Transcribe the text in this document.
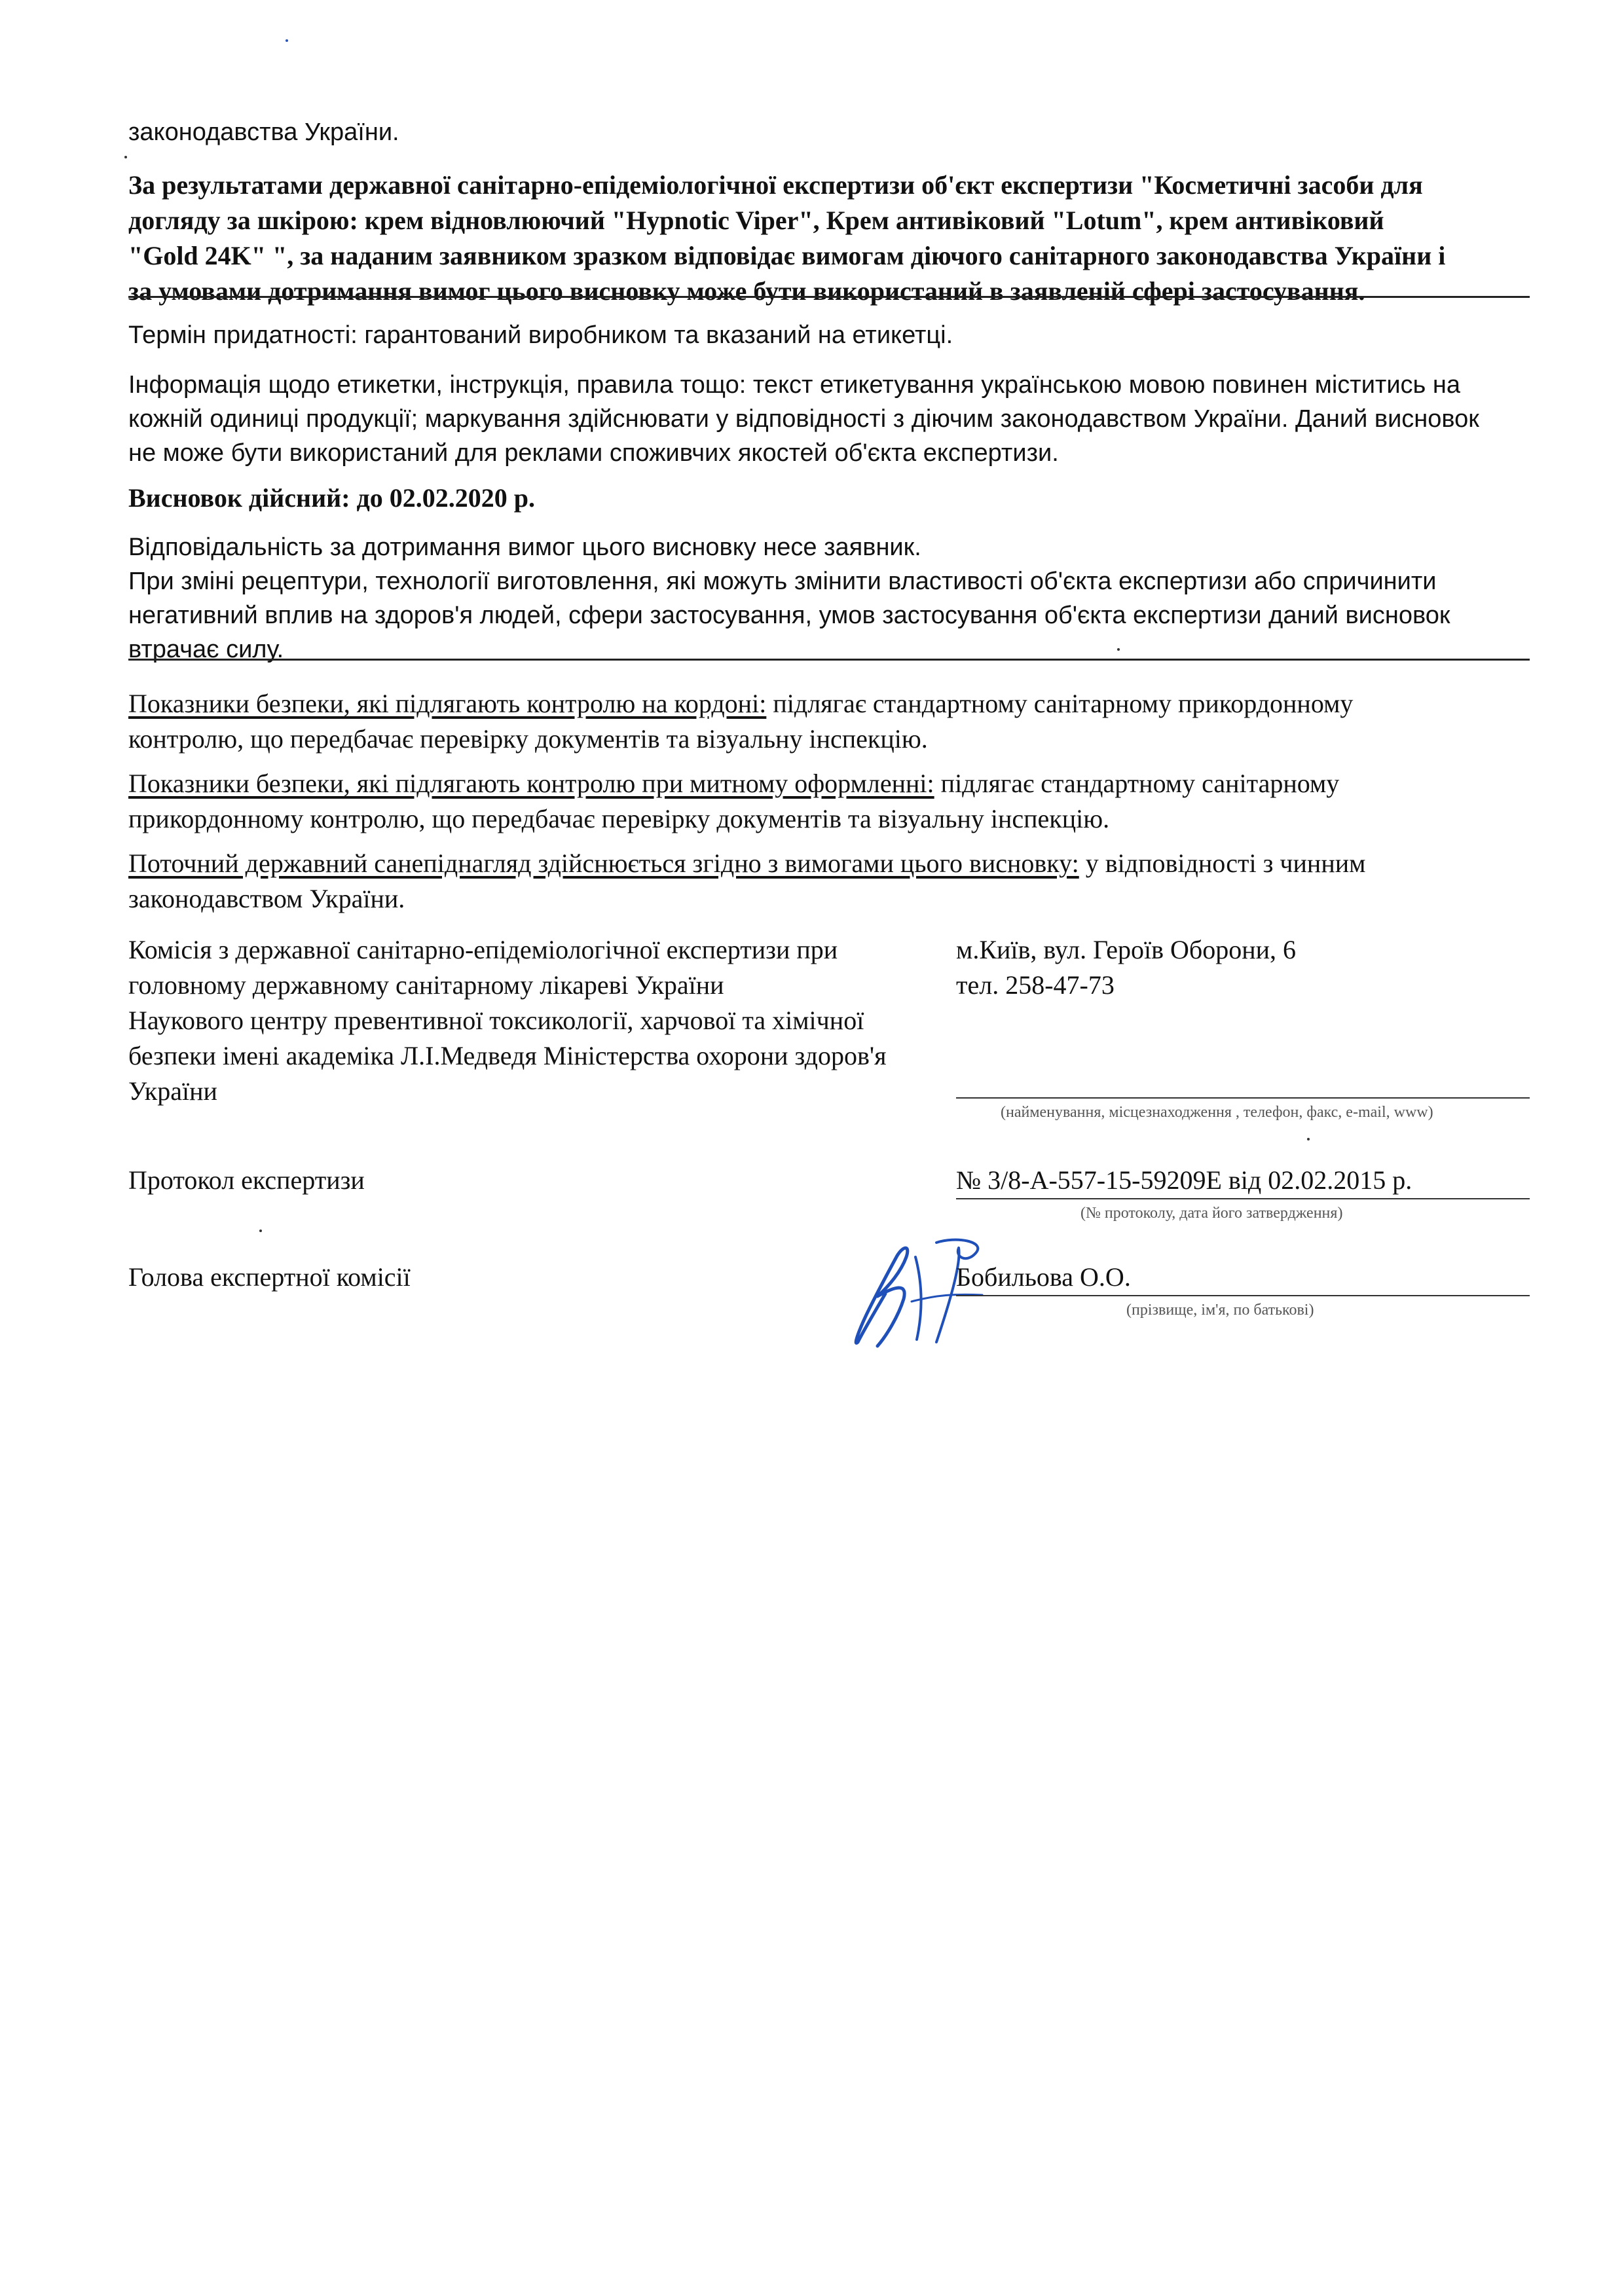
законодавства України.
За результатами державної санітарно-епідеміологічної експертизи об'єкт експертизи "Косметичні засоби для
догляду за шкірою: крем відновлюючий "Hypnotic Viper", Крем антивіковий "Lotum", крем антивіковий
"Gold 24K" ", за наданим заявником зразком відповідає вимогам діючого санітарного законодавства України і
за умовами дотримання вимог цього висновку може бути використаний в заявленій сфері застосування.
Термін придатності: гарантований виробником та вказаний на етикетці.
Інформація щодо етикетки, інструкція, правила тощо: текст етикетування українською мовою повинен міститись на
кожній одиниці продукції; маркування здійснювати у відповідності з діючим законодавством України. Даний висновок
не може бути використаний для реклами споживчих якостей об'єкта експертизи.
Висновок дійсний: до 02.02.2020 р.
Відповідальність за дотримання вимог цього висновку несе заявник.
При зміні рецептури, технології виготовлення, які можуть змінити властивості об'єкта експертизи або спричинити
негативний вплив на здоров'я людей, сфери застосування, умов застосування об'єкта експертизи даний висновок
втрачає силу.
Показники безпеки, які підлягають контролю на кордоні: підлягає стандартному санітарному прикордонному
контролю, що передбачає перевірку документів та візуальну інспекцію.
Показники безпеки, які підлягають контролю при митному оформленні: підлягає стандартному санітарному
прикордонному контролю, що передбачає перевірку документів та візуальну інспекцію.
Поточний державний санепіднагляд здійснюється згідно з вимогами цього висновку: у відповідності з чинним
законодавством України.
Комісія з державної санітарно-епідеміологічної експертизи при
головному державному санітарному лікареві України
Наукового центру превентивної токсикології, харчової та хімічної
безпеки імені академіка Л.І.Медведя Міністерства охорони здоров'я
України
м.Київ, вул. Героїв Оборони, 6
тел. 258-47-73
(найменування, місцезнаходження , телефон, факс, e-mail, www)
Протокол експертизи	№ 3/8-А-557-15-59209Е від 02.02.2015 р.
(№ протоколу, дата його затвердження)
Голова експертної комісії	Бобильова О.О.
(прізвище, ім'я, по батькові)
